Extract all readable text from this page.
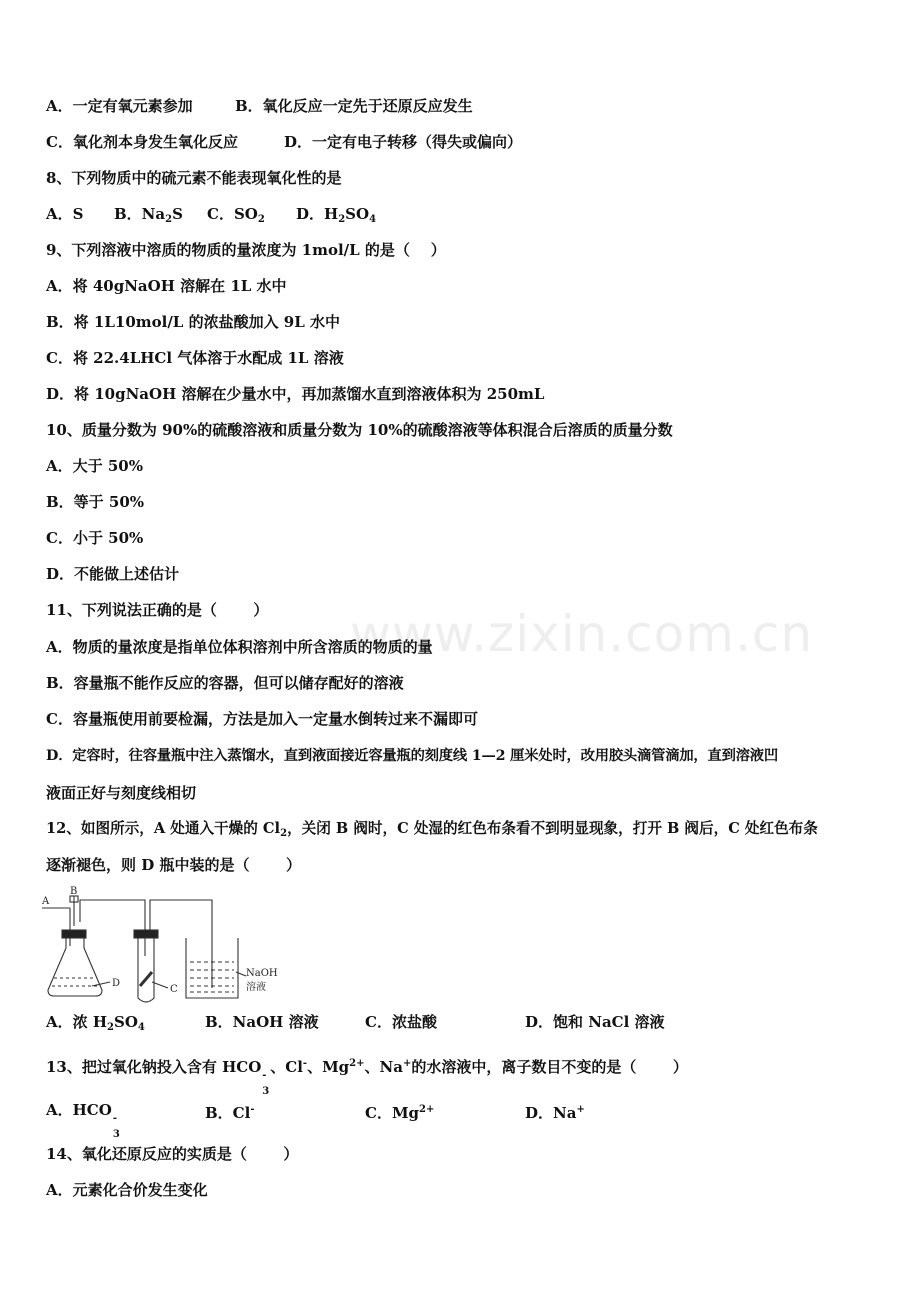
A．一定有氧元素参加	B．氧化反应一定先于还原反应发生
C．氧化剂本身发生氧化反应	D．一定有电子转移（得失或偏向）
8、下列物质中的硫元素不能表现氧化性的是
A．S B．$Na_2S$ C．$SO_2$ D．$H_2SO_4$
9、下列溶液中溶质的物质的量浓度为 1mol/L 的是（    ）
A．将 40gNaOH 溶解在 1L 水中
B．将 1L10mol/L 的浓盐酸加入 9L 水中
C．将 22.4LHCl 气体溶于水配成 1L 溶液
D．将 10gNaOH 溶解在少量水中，再加蒸馏水直到溶液体积为 250mL
10、质量分数为 90%的硫酸溶液和质量分数为 10%的硫酸溶液等体积混合后溶质的质量分数
A．大于 50%
B．等于 50%
C．小于 50%
D．不能做上述估计
11、下列说法正确的是（       ）
A．物质的量浓度是指单位体积溶剂中所含溶质的物质的量
B．容量瓶不能作反应的容器，但可以储存配好的溶液
C．容量瓶使用前要检漏，方法是加入一定量水倒转过来不漏即可
D．定容时，往容量瓶中注入蒸馏水，直到液面接近容量瓶的刻度线 1—2 厘米处时，改用胶头滴管滴加，直到溶液凹
液面正好与刻度线相切
12、如图所示，A 处通入干燥的 $Cl_2$，关闭 B 阀时，C 处湿的红色布条看不到明显现象，打开 B 阀后，C 处红色布条
逐渐褪色，则 D 瓶中装的是（       ）
A
B
C
D
NaOH
溶液
A．浓 $H_2SO_4$	B．NaOH 溶液	C．浓盐酸	D．饱和 NaCl 溶液
13、把过氧化钠投入含有 HCO -
3
、Cl-、$Mg^{2+}$、Na+的水溶液中，离子数目不变的是（       ）
A．HCO -
3
B．Cl-	C．$Mg^{2+}$	D．Na+
14、氧化还原反应的实质是（       ）
A．元素化合价发生变化
www.zixin.com.cn
